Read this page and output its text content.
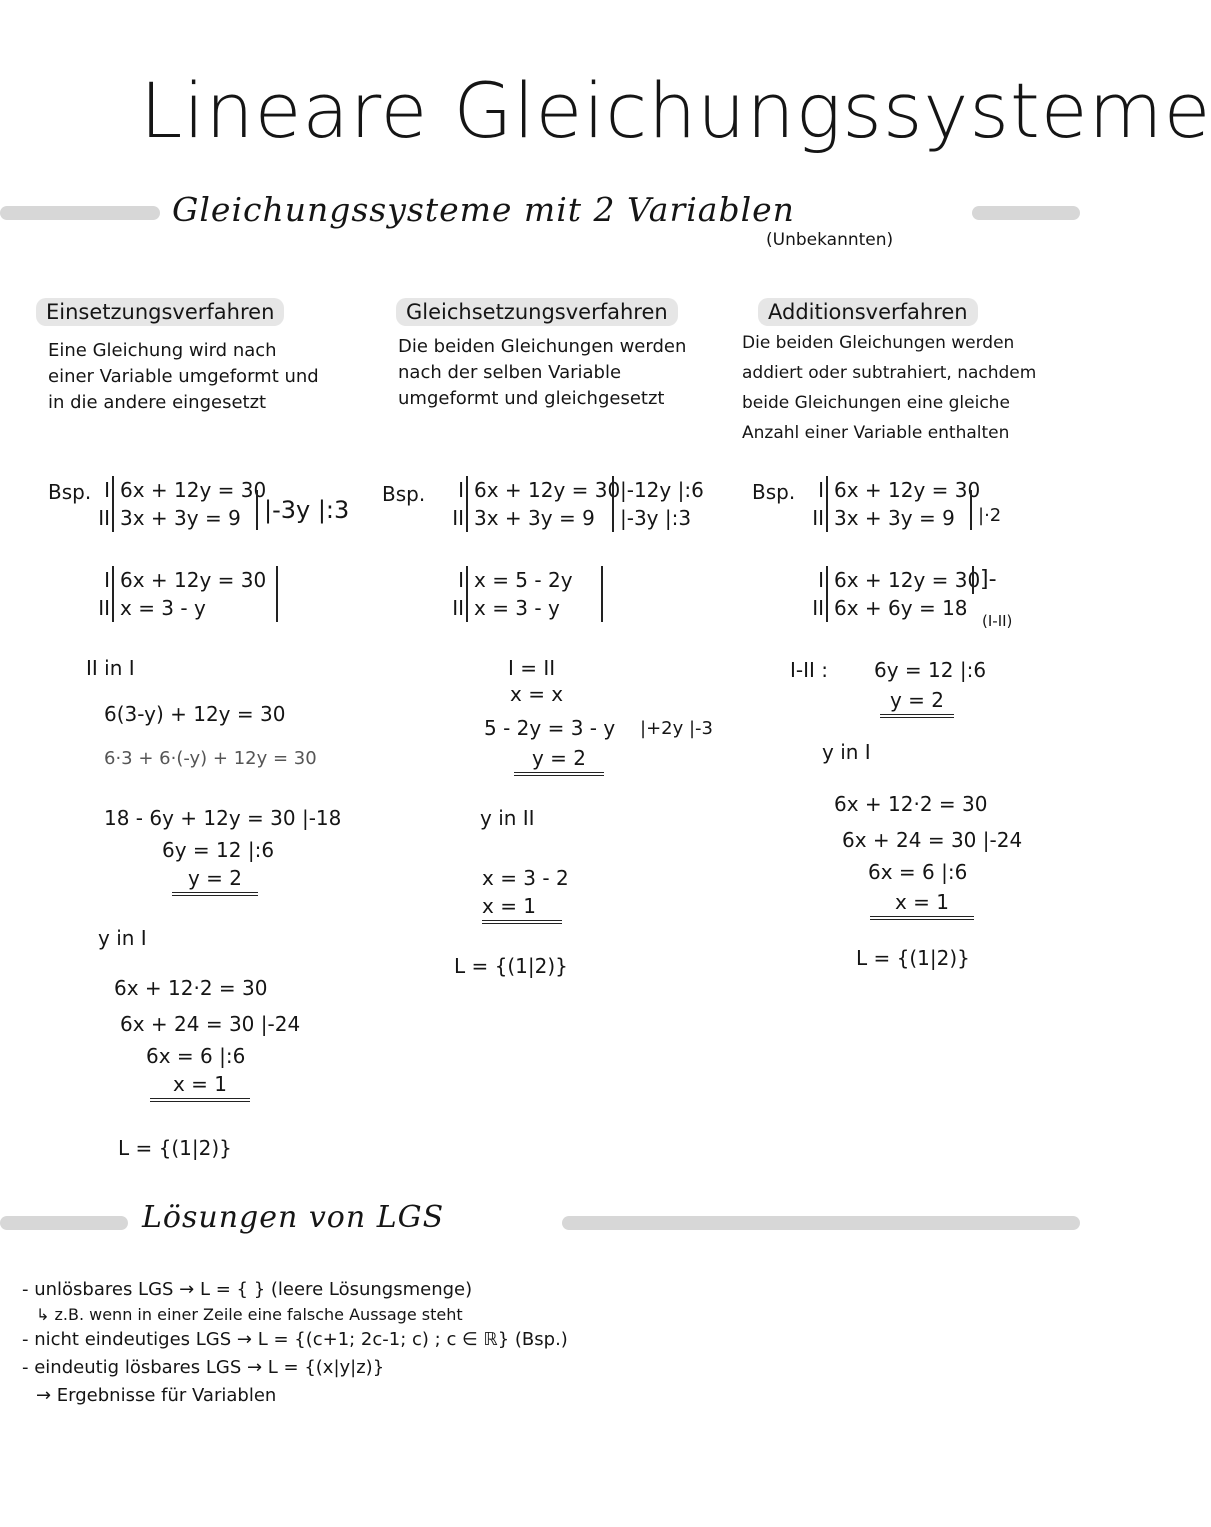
Lineare Gleichungssysteme
Gleichungssysteme mit 2 Variablen
(Unbekannten)
Einsetzungsverfahren
Eine Gleichung wird nach einer Variable umgeformt und in die andere eingesetzt
Bsp. I
II
6x + 12y = 30
3x + 3y = 9 |-3y |:3
I
II
6x + 12y = 30
x = 3 - y
II in I
6(3-y) + 12y = 30
6·3 + 6·(-y) + 12y = 30
18 - 6y + 12y = 30 |-18
6y = 12 |:6
y = 2
y in I
6x + 12·2 = 30
6x + 24 = 30 |-24
6x = 6 |:6
x = 1
L = {(1|2)}
Gleichsetzungsverfahren
Die beiden Gleichungen werden nach der selben Variable umgeformt und gleichgesetzt
Bsp.	I
II
6x + 12y = 30
3x + 3y = 9
|-12y |:6
|-3y |:3
I
II
x = 5 - 2y
x = 3 - y
I = II
x = x
5 - 2y = 3 - y |+2y |-3
y = 2
y in II
x = 3 - 2
x = 1
L = {(1|2)}
Additionsverfahren
Die beiden Gleichungen werden addiert oder subtrahiert, nachdem beide Gleichungen eine gleiche Anzahl einer Variable enthalten
Bsp.	I
II
6x + 12y = 30
3x + 3y = 9	|·2
I
II
6x + 12y = 30
6x + 6y = 18
]-
(I-II)
I-II : 6y = 12 |:6
y = 2
y in I
6x + 12·2 = 30
6x + 24 = 30 |-24
6x = 6 |:6
x = 1
L = {(1|2)}
Lösungen von LGS
- unlösbares LGS → L = { } (leere Lösungsmenge)
↳ z.B. wenn in einer Zeile eine falsche Aussage steht
- nicht eindeutiges LGS → L = {(c+1; 2c-1; c) ; c ∈ ℝ} (Bsp.)
- eindeutig lösbares LGS → L = {(x|y|z)}
→ Ergebnisse für Variablen
